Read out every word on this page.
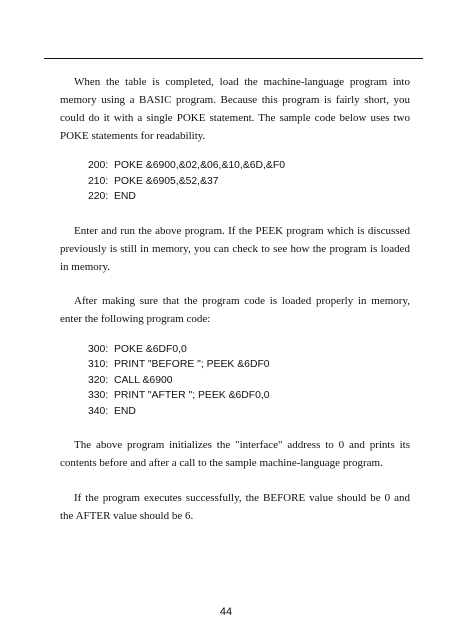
When the table is completed, load the machine-language program into memory using a BASIC program. Because this program is fairly short, you could do it with a single POKE statement. The sample code below uses two POKE statements for readability.

200:  POKE &6900,&02,&06,&10,&6D,&F0
210:  POKE &6905,&52,&37
220:  END

Enter and run the above program. If the PEEK program which is discussed previously is still in memory, you can check to see how the program is loaded in memory.

After making sure that the program code is loaded properly in memory, enter the following program code:

300:  POKE &6DF0,0
310:  PRINT "BEFORE "; PEEK &6DF0
320:  CALL &6900
330:  PRINT "AFTER "; PEEK &6DF0,0
340:  END

The above program initializes the "interface" address to 0 and prints its contents before and after a call to the sample machine-language program.

If the program executes successfully, the BEFORE value should be 0 and the AFTER value should be 6.

44
